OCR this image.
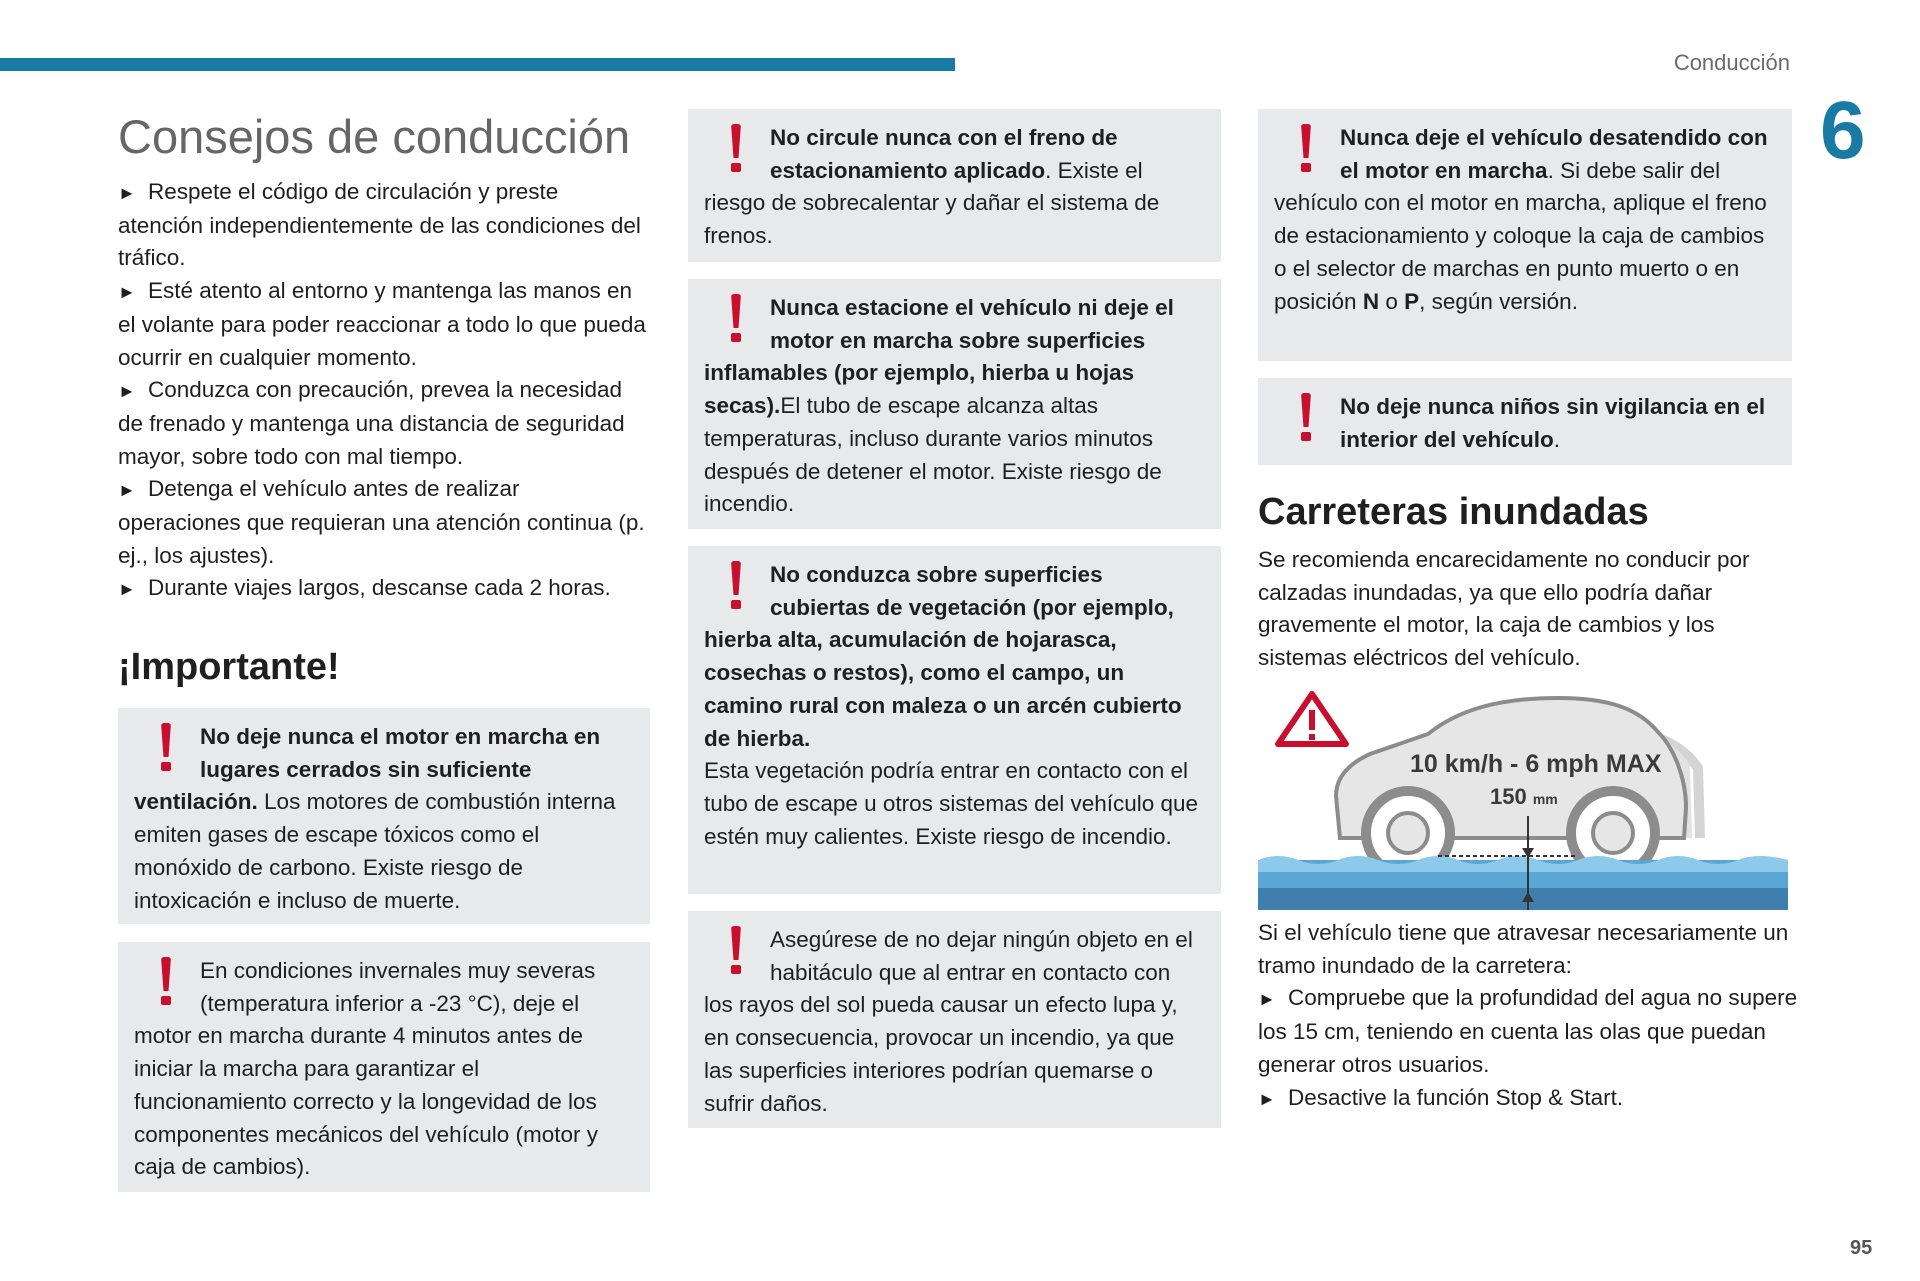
Conducción
6
95
Consejos de conducción

► Respete el código de circulación y preste atención independientemente de las condiciones del tráfico.

► Esté atento al entorno y mantenga las manos en el volante para poder reaccionar a todo lo que pueda ocurrir en cualquier momento.

► Conduzca con precaución, prevea la necesidad de frenado y mantenga una distancia de seguridad mayor, sobre todo con mal tiempo.

► Detenga el vehículo antes de realizar operaciones que requieran una atención continua (p. ej., los ajustes).

► Durante viajes largos, descanse cada 2 horas.

¡Importante!
No deje nunca el motor en marcha en lugares cerrados sin suficiente ventilación. Los motores de combustión interna emiten gases de escape tóxicos como el monóxido de carbono. Existe riesgo de intoxicación e incluso de muerte.
En condiciones invernales muy severas (temperatura inferior a -23 °C), deje el motor en marcha durante 4 minutos antes de iniciar la marcha para garantizar el funcionamiento correcto y la longevidad de los componentes mecánicos del vehículo (motor y caja de cambios).
No circule nunca con el freno de estacionamiento aplicado. Existe el riesgo de sobrecalentar y dañar el sistema de frenos.
Nunca estacione el vehículo ni deje el motor en marcha sobre superficies inflamables (por ejemplo, hierba u hojas secas).El tubo de escape alcanza altas temperaturas, incluso durante varios minutos después de detener el motor. Existe riesgo de incendio.
No conduzca sobre superficies cubiertas de vegetación (por ejemplo, hierba alta, acumulación de hojarasca, cosechas o restos), como el campo, un camino rural con maleza o un arcén cubierto de hierba.
Esta vegetación podría entrar en contacto con el tubo de escape u otros sistemas del vehículo que estén muy calientes. Existe riesgo de incendio.
Asegúrese de no dejar ningún objeto en el habitáculo que al entrar en contacto con los rayos del sol pueda causar un efecto lupa y, en consecuencia, provocar un incendio, ya que las superficies interiores podrían quemarse o sufrir daños.
Nunca deje el vehículo desatendido con el motor en marcha. Si debe salir del vehículo con el motor en marcha, aplique el freno de estacionamiento y coloque la caja de cambios o el selector de marchas en punto muerto o en posición N o P, según versión.
No deje nunca niños sin vigilancia en el interior del vehículo.
Carreteras inundadas

Se recomienda encarecidamente no conducir por calzadas inundadas, ya que ello podría dañar gravemente el motor, la caja de cambios y los sistemas eléctricos del vehículo.

10 km/h - 6 mph MAX
150 mm

Si el vehículo tiene que atravesar necesariamente un tramo inundado de la carretera:

► Compruebe que la profundidad del agua no supere los 15 cm, teniendo en cuenta las olas que puedan generar otros usuarios.

► Desactive la función Stop & Start.
